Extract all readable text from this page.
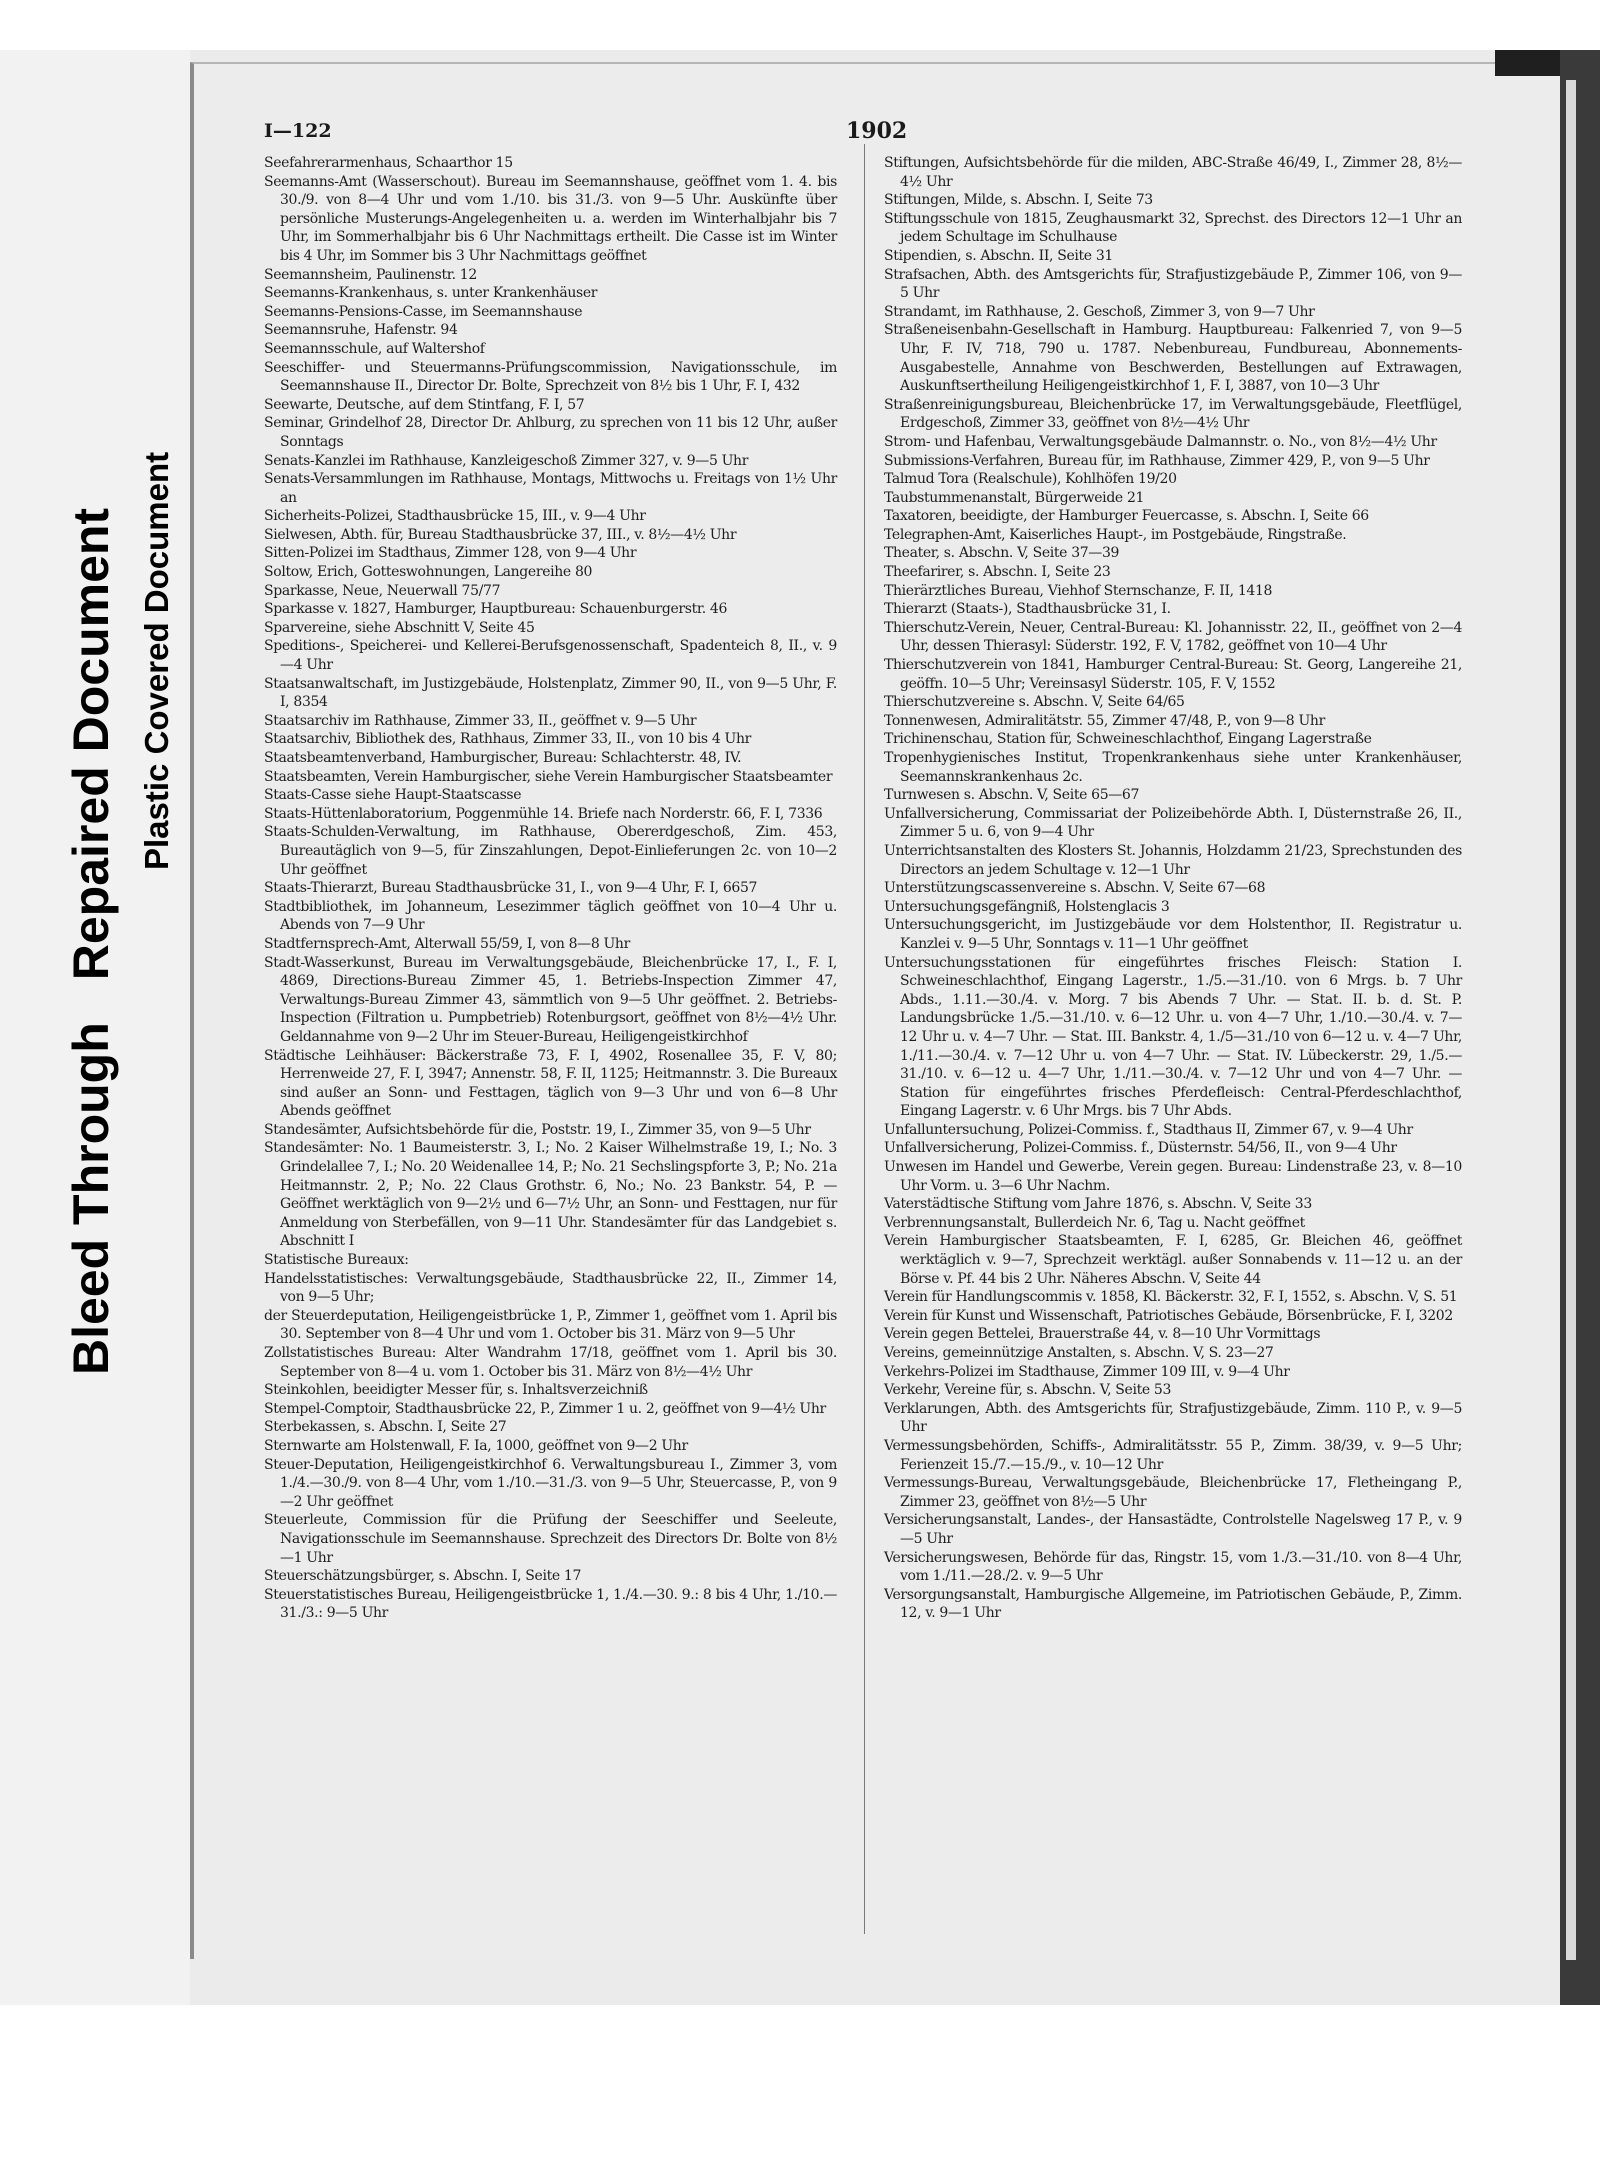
I—122	1902

Seefahrerarmenhaus, Schaarthor 15

Seemanns-Amt (Wasserschout). Bureau im Seemannshause, geöffnet vom 1. 4. bis 30./9. von 8—4 Uhr und vom 1./10. bis 31./3. von 9—5 Uhr. Auskünfte über persönliche Musterungs-Angelegenheiten u. a. werden im Winterhalbjahr bis 7 Uhr, im Sommerhalbjahr bis 6 Uhr Nachmittags ertheilt. Die Casse ist im Winter bis 4 Uhr, im Sommer bis 3 Uhr Nachmittags geöffnet

Seemannsheim, Paulinenstr. 12

Seemanns-Krankenhaus, s. unter Krankenhäuser

Seemanns-Pensions-Casse, im Seemannshause

Seemannsruhe, Hafenstr. 94

Seemannsschule, auf Waltershof

Seeschiffer- und Steuermanns-Prüfungscommission, Navigationsschule, im Seemannshause II., Director Dr. Bolte, Sprechzeit von 8½ bis 1 Uhr, F. I, 432

Seewarte, Deutsche, auf dem Stintfang, F. I, 57

Seminar, Grindelhof 28, Director Dr. Ahlburg, zu sprechen von 11 bis 12 Uhr, außer Sonntags

Senats-Kanzlei im Rathhause, Kanzleigeschoß Zimmer 327, v. 9—5 Uhr

Senats-Versammlungen im Rathhause, Montags, Mittwochs u. Freitags von 1½ Uhr an

Sicherheits-Polizei, Stadthausbrücke 15, III., v. 9—4 Uhr

Sielwesen, Abth. für, Bureau Stadthausbrücke 37, III., v. 8½—4½ Uhr

Sitten-Polizei im Stadthaus, Zimmer 128, von 9—4 Uhr

Soltow, Erich, Gotteswohnungen, Langereihe 80

Sparkasse, Neue, Neuerwall 75/77

Sparkasse v. 1827, Hamburger, Hauptbureau: Schauenburgerstr. 46

Sparvereine, siehe Abschnitt V, Seite 45

Speditions-, Speicherei- und Kellerei-Berufsgenossenschaft, Spadenteich 8, II., v. 9—4 Uhr

Staatsanwaltschaft, im Justizgebäude, Holstenplatz, Zimmer 90, II., von 9—5 Uhr, F. I, 8354

Staatsarchiv im Rathhause, Zimmer 33, II., geöffnet v. 9—5 Uhr

Staatsarchiv, Bibliothek des, Rathhaus, Zimmer 33, II., von 10 bis 4 Uhr

Staatsbeamtenverband, Hamburgischer, Bureau: Schlachterstr. 48, IV.

Staatsbeamten, Verein Hamburgischer, siehe Verein Hamburgischer Staatsbeamter

Staats-Casse siehe Haupt-Staatscasse

Staats-Hüttenlaboratorium, Poggenmühle 14. Briefe nach Norderstr. 66, F. I, 7336

Staats-Schulden-Verwaltung, im Rathhause, Obererdgeschoß, Zim. 453, Bureautäglich von 9—5, für Zinszahlungen, Depot-Einlieferungen 2c. von 10—2 Uhr geöffnet

Staats-Thierarzt, Bureau Stadthausbrücke 31, I., von 9—4 Uhr, F. I, 6657

Stadtbibliothek, im Johanneum, Lesezimmer täglich geöffnet von 10—4 Uhr u. Abends von 7—9 Uhr

Stadtfernsprech-Amt, Alterwall 55/59, I, von 8—8 Uhr

Stadt-Wasserkunst, Bureau im Verwaltungsgebäude, Bleichenbrücke 17, I., F. I, 4869, Directions-Bureau Zimmer 45, 1. Betriebs-Inspection Zimmer 47, Verwaltungs-Bureau Zimmer 43, sämmtlich von 9—5 Uhr geöffnet. 2. Betriebs-Inspection (Filtration u. Pumpbetrieb) Rotenburgsort, geöffnet von 8½—4½ Uhr. Geldannahme von 9—2 Uhr im Steuer-Bureau, Heiligengeistkirchhof

Städtische Leihhäuser: Bäckerstraße 73, F. I, 4902, Rosenallee 35, F. V, 80; Herrenweide 27, F. I, 3947; Annenstr. 58, F. II, 1125; Heitmannstr. 3. Die Bureaux sind außer an Sonn- und Festtagen, täglich von 9—3 Uhr und von 6—8 Uhr Abends geöffnet

Standesämter, Aufsichtsbehörde für die, Poststr. 19, I., Zimmer 35, von 9—5 Uhr

Standesämter: No. 1 Baumeisterstr. 3, I.; No. 2 Kaiser Wilhelmstraße 19, I.; No. 3 Grindelallee 7, I.; No. 20 Weidenallee 14, P.; No. 21 Sechslingspforte 3, P.; No. 21a Heitmannstr. 2, P.; No. 22 Claus Grothstr. 6, No.; No. 23 Bankstr. 54, P. — Geöffnet werktäglich von 9—2½ und 6—7½ Uhr, an Sonn- und Festtagen, nur für Anmeldung von Sterbefällen, von 9—11 Uhr. Standesämter für das Landgebiet s. Abschnitt I

Statistische Bureaux:

Handelsstatistisches: Verwaltungsgebäude, Stadthausbrücke 22, II., Zimmer 14, von 9—5 Uhr;

der Steuerdeputation, Heiligengeistbrücke 1, P., Zimmer 1, geöffnet vom 1. April bis 30. September von 8—4 Uhr und vom 1. October bis 31. März von 9—5 Uhr

Zollstatistisches Bureau: Alter Wandrahm 17/18, geöffnet vom 1. April bis 30. September von 8—4 u. vom 1. October bis 31. März von 8½—4½ Uhr

Steinkohlen, beeidigter Messer für, s. Inhaltsverzeichniß

Stempel-Comptoir, Stadthausbrücke 22, P., Zimmer 1 u. 2, geöffnet von 9—4½ Uhr

Sterbekassen, s. Abschn. I, Seite 27

Sternwarte am Holstenwall, F. Ia, 1000, geöffnet von 9—2 Uhr

Steuer-Deputation, Heiligengeistkirchhof 6. Verwaltungsbureau I., Zimmer 3, vom 1./4.—30./9. von 8—4 Uhr, vom 1./10.—31./3. von 9—5 Uhr, Steuercasse, P., von 9—2 Uhr geöffnet

Steuerleute, Commission für die Prüfung der Seeschiffer und Seeleute, Navigationsschule im Seemannshause. Sprechzeit des Directors Dr. Bolte von 8½—1 Uhr

Steuerschätzungsbürger, s. Abschn. I, Seite 17

Steuerstatistisches Bureau, Heiligengeistbrücke 1, 1./4.—30. 9.: 8 bis 4 Uhr, 1./10.—31./3.: 9—5 Uhr

Stiftungen, Aufsichtsbehörde für die milden, ABC-Straße 46/49, I., Zimmer 28, 8½—4½ Uhr

Stiftungen, Milde, s. Abschn. I, Seite 73

Stiftungsschule von 1815, Zeughausmarkt 32, Sprechst. des Directors 12—1 Uhr an jedem Schultage im Schulhause

Stipendien, s. Abschn. II, Seite 31

Strafsachen, Abth. des Amtsgerichts für, Strafjustizgebäude P., Zimmer 106, von 9—5 Uhr

Strandamt, im Rathhause, 2. Geschoß, Zimmer 3, von 9—7 Uhr

Straßeneisenbahn-Gesellschaft in Hamburg. Hauptbureau: Falkenried 7, von 9—5 Uhr, F. IV, 718, 790 u. 1787. Nebenbureau, Fundbureau, Abonnements-Ausgabestelle, Annahme von Beschwerden, Bestellungen auf Extrawagen, Auskunftsertheilung Heiligengeistkirchhof 1, F. I, 3887, von 10—3 Uhr

Straßenreinigungsbureau, Bleichenbrücke 17, im Verwaltungsgebäude, Fleetflügel, Erdgeschoß, Zimmer 33, geöffnet von 8½—4½ Uhr

Strom- und Hafenbau, Verwaltungsgebäude Dalmannstr. o. No., von 8½—4½ Uhr

Submissions-Verfahren, Bureau für, im Rathhause, Zimmer 429, P., von 9—5 Uhr

Talmud Tora (Realschule), Kohlhöfen 19/20

Taubstummenanstalt, Bürgerweide 21

Taxatoren, beeidigte, der Hamburger Feuercasse, s. Abschn. I, Seite 66

Telegraphen-Amt, Kaiserliches Haupt-, im Postgebäude, Ringstraße.

Theater, s. Abschn. V, Seite 37—39

Theefarirer, s. Abschn. I, Seite 23

Thierärztliches Bureau, Viehhof Sternschanze, F. II, 1418

Thierarzt (Staats-), Stadthausbrücke 31, I.

Thierschutz-Verein, Neuer, Central-Bureau: Kl. Johannisstr. 22, II., geöffnet von 2—4 Uhr, dessen Thierasyl: Süderstr. 192, F. V, 1782, geöffnet von 10—4 Uhr

Thierschutzverein von 1841, Hamburger Central-Bureau: St. Georg, Langereihe 21, geöffn. 10—5 Uhr; Vereinsasyl Süderstr. 105, F. V, 1552

Thierschutzvereine s. Abschn. V, Seite 64/65

Tonnenwesen, Admiralitätstr. 55, Zimmer 47/48, P., von 9—8 Uhr

Trichinenschau, Station für, Schweineschlachthof, Eingang Lagerstraße

Tropenhygienisches Institut, Tropenkrankenhaus siehe unter Krankenhäuser, Seemannskrankenhaus 2c.

Turnwesen s. Abschn. V, Seite 65—67

Unfallversicherung, Commissariat der Polizeibehörde Abth. I, Düsternstraße 26, II., Zimmer 5 u. 6, von 9—4 Uhr

Unterrichtsanstalten des Klosters St. Johannis, Holzdamm 21/23, Sprechstunden des Directors an jedem Schultage v. 12—1 Uhr

Unterstützungscassenvereine s. Abschn. V, Seite 67—68

Untersuchungsgefängniß, Holstenglacis 3

Untersuchungsgericht, im Justizgebäude vor dem Holstenthor, II. Registratur u. Kanzlei v. 9—5 Uhr, Sonntags v. 11—1 Uhr geöffnet

Untersuchungsstationen für eingeführtes frisches Fleisch: Station I. Schweineschlachthof, Eingang Lagerstr., 1./5.—31./10. von 6 Mrgs. b. 7 Uhr Abds., 1.11.—30./4. v. Morg. 7 bis Abends 7 Uhr. — Stat. II. b. d. St. P. Landungsbrücke 1./5.—31./10. v. 6—12 Uhr. u. von 4—7 Uhr, 1./10.—30./4. v. 7—12 Uhr u. v. 4—7 Uhr. — Stat. III. Bankstr. 4, 1./5—31./10 von 6—12 u. v. 4—7 Uhr, 1./11.—30./4. v. 7—12 Uhr u. von 4—7 Uhr. — Stat. IV. Lübeckerstr. 29, 1./5.—31./10. v. 6—12 u. 4—7 Uhr, 1./11.—30./4. v. 7—12 Uhr und von 4—7 Uhr. — Station für eingeführtes frisches Pferdefleisch: Central-Pferdeschlachthof, Eingang Lagerstr. v. 6 Uhr Mrgs. bis 7 Uhr Abds.

Unfalluntersuchung, Polizei-Commiss. f., Stadthaus II, Zimmer 67, v. 9—4 Uhr

Unfallversicherung, Polizei-Commiss. f., Düsternstr. 54/56, II., von 9—4 Uhr

Unwesen im Handel und Gewerbe, Verein gegen. Bureau: Lindenstraße 23, v. 8—10 Uhr Vorm. u. 3—6 Uhr Nachm.

Vaterstädtische Stiftung vom Jahre 1876, s. Abschn. V, Seite 33

Verbrennungsanstalt, Bullerdeich Nr. 6, Tag u. Nacht geöffnet

Verein Hamburgischer Staatsbeamten, F. I, 6285, Gr. Bleichen 46, geöffnet werktäglich v. 9—7, Sprechzeit werktägl. außer Sonnabends v. 11—12 u. an der Börse v. Pf. 44 bis 2 Uhr. Näheres Abschn. V, Seite 44

Verein für Handlungscommis v. 1858, Kl. Bäckerstr. 32, F. I, 1552, s. Abschn. V, S. 51

Verein für Kunst und Wissenschaft, Patriotisches Gebäude, Börsenbrücke, F. I, 3202

Verein gegen Bettelei, Brauerstraße 44, v. 8—10 Uhr Vormittags

Vereins, gemeinnützige Anstalten, s. Abschn. V, S. 23—27

Verkehrs-Polizei im Stadthause, Zimmer 109 III, v. 9—4 Uhr

Verkehr, Vereine für, s. Abschn. V, Seite 53

Verklarungen, Abth. des Amtsgerichts für, Strafjustizgebäude, Zimm. 110 P., v. 9—5 Uhr

Vermessungsbehörden, Schiffs-, Admiralitätsstr. 55 P., Zimm. 38/39, v. 9—5 Uhr; Ferienzeit 15./7.—15./9., v. 10—12 Uhr

Vermessungs-Bureau, Verwaltungsgebäude, Bleichenbrücke 17, Fletheingang P., Zimmer 23, geöffnet von 8½—5 Uhr

Versicherungsanstalt, Landes-, der Hansastädte, Controlstelle Nagelsweg 17 P., v. 9—5 Uhr

Versicherungswesen, Behörde für das, Ringstr. 15, vom 1./3.—31./10. von 8—4 Uhr, vom 1./11.—28./2. v. 9—5 Uhr

Versorgungsanstalt, Hamburgische Allgemeine, im Patriotischen Gebäude, P., Zimm. 12, v. 9—1 Uhr

Bleed ThroughRepaired Document Plastic Covered Document
